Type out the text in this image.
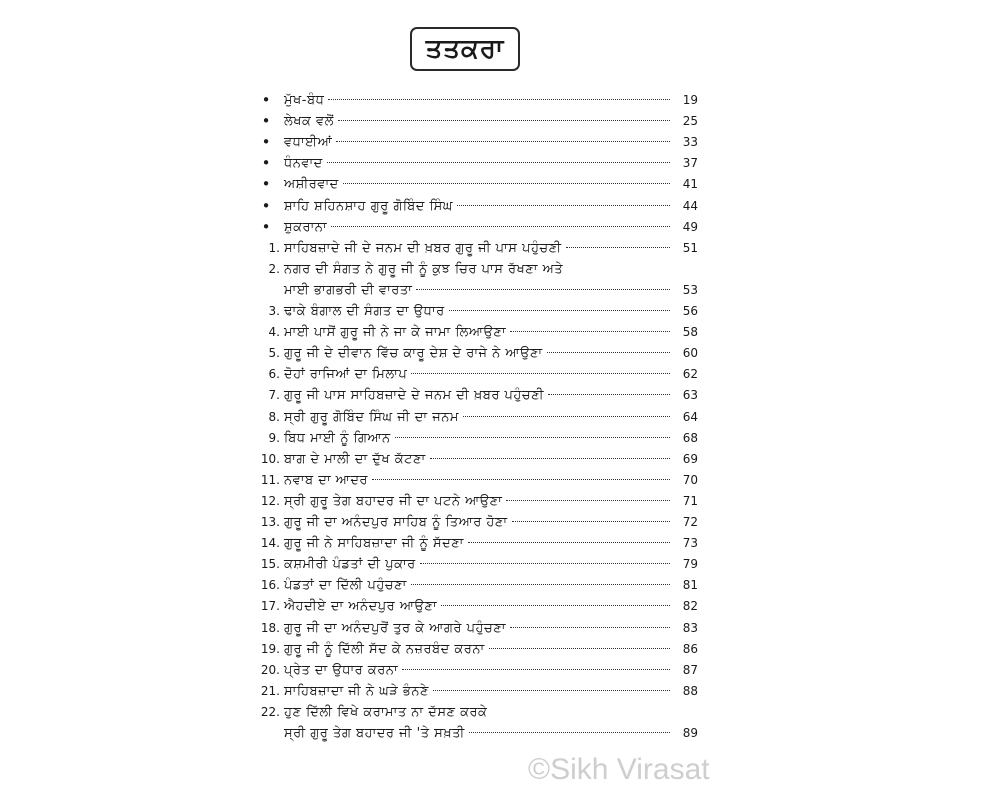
ਤਤਕਰਾ
• ਮੁੱਖ-ਬੰਧ	19
• ਲੇਖਕ ਵਲੋਂ	25
• ਵਧਾਈਆਂ	33
• ਧੰਨਵਾਦ	37
• ਅਸ਼ੀਰਵਾਦ	41
• ਸ਼ਾਹਿ ਸ਼ਹਿਨਸ਼ਾਹ ਗੁਰੂ ਗੋਬਿੰਦ ਸਿੰਘ	44
• ਸ਼ੁਕਰਾਨਾ	49
1. ਸਾਹਿਬਜ਼ਾਦੇ ਜੀ ਦੇ ਜਨਮ ਦੀ ਖ਼ਬਰ ਗੁਰੂ ਜੀ ਪਾਸ ਪਹੁੰਚਣੀ	51
2. ਨਗਰ ਦੀ ਸੰਗਤ ਨੇ ਗੁਰੂ ਜੀ ਨੂੰ ਕੁਝ ਚਿਰ ਪਾਸ ਰੱਖਣਾ ਅਤੇ
ਮਾਈ ਭਾਗਭਰੀ ਦੀ ਵਾਰਤਾ	53
3. ਢਾਕੇ ਬੰਗਾਲ ਦੀ ਸੰਗਤ ਦਾ ਉਧਾਰ	56
4. ਮਾਈ ਪਾਸੋਂ ਗੁਰੂ ਜੀ ਨੇ ਜਾ ਕੇ ਜਾਮਾ ਲਿਆਉਣਾ	58
5. ਗੁਰੂ ਜੀ ਦੇ ਦੀਵਾਨ ਵਿੱਚ ਕਾਰੂ ਦੇਸ਼ ਦੇ ਰਾਜੇ ਨੇ ਆਉਣਾ	60
6. ਦੋਹਾਂ ਰਾਜਿਆਂ ਦਾ ਮਿਲਾਪ	62
7. ਗੁਰੂ ਜੀ ਪਾਸ ਸਾਹਿਬਜ਼ਾਦੇ ਦੇ ਜਨਮ ਦੀ ਖ਼ਬਰ ਪਹੁੰਚਣੀ	63
8. ਸ੍ਰੀ ਗੁਰੂ ਗੋਬਿੰਦ ਸਿੰਘ ਜੀ ਦਾ ਜਨਮ	64
9. ਬਿਧ ਮਾਈ ਨੂੰ ਗਿਆਨ	68
10. ਬਾਗ ਦੇ ਮਾਲੀ ਦਾ ਦੁੱਖ ਕੱਟਣਾ	69
11. ਨਵਾਬ ਦਾ ਆਦਰ	70
12. ਸ੍ਰੀ ਗੁਰੂ ਤੇਗ ਬਹਾਦਰ ਜੀ ਦਾ ਪਟਨੇ ਆਉਣਾ	71
13. ਗੁਰੂ ਜੀ ਦਾ ਅਨੰਦਪੁਰ ਸਾਹਿਬ ਨੂੰ ਤਿਆਰ ਹੋਣਾ	72
14. ਗੁਰੂ ਜੀ ਨੇ ਸਾਹਿਬਜ਼ਾਦਾ ਜੀ ਨੂੰ ਸੱਦਣਾ	73
15. ਕਸ਼ਮੀਰੀ ਪੰਡਤਾਂ ਦੀ ਪੁਕਾਰ	79
16. ਪੰਡਤਾਂ ਦਾ ਦਿੱਲੀ ਪਹੁੰਚਣਾ	81
17. ਐਹਦੀਏ ਦਾ ਅਨੰਦਪੁਰ ਆਉਣਾ	82
18. ਗੁਰੂ ਜੀ ਦਾ ਅਨੰਦਪੁਰੋਂ ਤੁਰ ਕੇ ਆਗਰੇ ਪਹੁੰਚਣਾ	83
19. ਗੁਰੂ ਜੀ ਨੂੰ ਦਿੱਲੀ ਸੱਦ ਕੇ ਨਜ਼ਰਬੰਦ ਕਰਨਾ	86
20. ਪ੍ਰੇਤ ਦਾ ਉਧਾਰ ਕਰਨਾ	87
21. ਸਾਹਿਬਜ਼ਾਦਾ ਜੀ ਨੇ ਘੜੇ ਭੰਨਣੇ	88
22. ਹੁਣ ਦਿੱਲੀ ਵਿਖੇ ਕਰਾਮਾਤ ਨਾ ਦੱਸਣ ਕਰਕੇ
ਸ੍ਰੀ ਗੁਰੂ ਤੇਗ ਬਹਾਦਰ ਜੀ 'ਤੇ ਸਖ਼ਤੀ	89
©Sikh Virasat
